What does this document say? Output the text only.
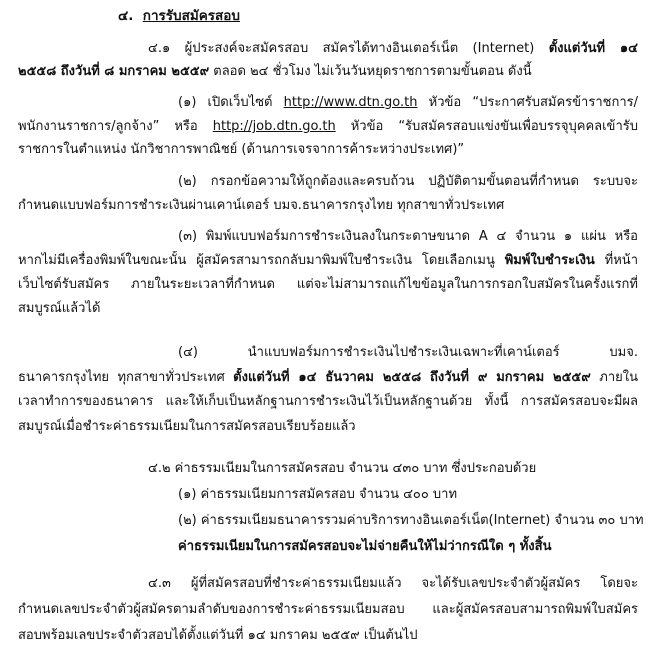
๔. การรับสมัครสอบ
๔.๑ ผู้ประสงค์จะสมัครสอบ สมัครได้ทางอินเตอร์เน็ต (Internet) ตั้งแต่วันที่ ๑๔
๒๕๕๘ ถึงวันที่ ๘ มกราคม ๒๕๕๙ ตลอด ๒๔ ชั่วโมง ไม่เว้นวันหยุดราชการตามขั้นตอน ดังนี้
(๑) เปิดเว็บไซต์ http://www.dtn.go.th หัวข้อ “ประกาศรับสมัครข้าราชการ/
พนักงานราชการ/ลูกจ้าง” หรือ http://job.dtn.go.th หัวข้อ “รับสมัครสอบแข่งขันเพื่อบรรจุบุคคลเข้ารับ
ราชการในตำแหน่ง นักวิชาการพาณิชย์ (ด้านการเจรจาการค้าระหว่างประเทศ)”
(๒) กรอกข้อความให้ถูกต้องและครบถ้วน ปฏิบัติตามขั้นตอนที่กำหนด ระบบจะ
กำหนดแบบฟอร์มการชำระเงินผ่านเคาน์เตอร์ บมจ.ธนาคารกรุงไทย ทุกสาขาทั่วประเทศ
(๓) พิมพ์แบบฟอร์มการชำระเงินลงในกระดาษขนาด A ๔ จำนวน ๑ แผ่น หรือ
หากไม่มีเครื่องพิมพ์ในขณะนั้น ผู้สมัครสามารถกลับมาพิมพ์ใบชำระเงิน โดยเลือกเมนู พิมพ์ใบชำระเงิน ที่หน้า
เว็บไซต์รับสมัคร ภายในระยะเวลาที่กำหนด แต่จะไม่สามารถแก้ไขข้อมูลในการกรอกใบสมัครในครั้งแรกที่
สมบูรณ์แล้วได้
(๔) นำแบบฟอร์มการชำระเงินไปชำระเงินเฉพาะที่เคาน์เตอร์ บมจ.
ธนาคารกรุงไทย ทุกสาขาทั่วประเทศ ตั้งแต่วันที่ ๑๔ ธันวาคม ๒๕๕๘ ถึงวันที่ ๙ มกราคม ๒๕๕๙ ภายใน
เวลาทำการของธนาคาร และให้เก็บเป็นหลักฐานการชำระเงินไว้เป็นหลักฐานด้วย ทั้งนี้ การสมัครสอบจะมีผล
สมบูรณ์เมื่อชำระค่าธรรมเนียมในการสมัครสอบเรียบร้อยแล้ว
๔.๒ ค่าธรรมเนียมในการสมัครสอบ จำนวน ๔๓๐ บาท ซึ่งประกอบด้วย
(๑) ค่าธรรมเนียมการสมัครสอบ จำนวน ๔๐๐ บาท
(๒) ค่าธรรมเนียมธนาคารรวมค่าบริการทางอินเตอร์เน็ต(Internet) จำนวน ๓๐ บาท
ค่าธรรมเนียมในการสมัครสอบจะไม่จ่ายคืนให้ไม่ว่ากรณีใด ๆ ทั้งสิ้น
๔.๓ ผู้ที่สมัครสอบที่ชำระค่าธรรมเนียมแล้ว จะได้รับเลขประจำตัวผู้สมัคร โดยจะ
กำหนดเลขประจำตัวผู้สมัครตามลำดับของการชำระค่าธรรมเนียมสอบ และผู้สมัครสอบสามารถพิมพ์ใบสมัคร
สอบพร้อมเลขประจำตัวสอบได้ตั้งแต่วันที่ ๑๔ มกราคม ๒๕๕๙ เป็นต้นไป
